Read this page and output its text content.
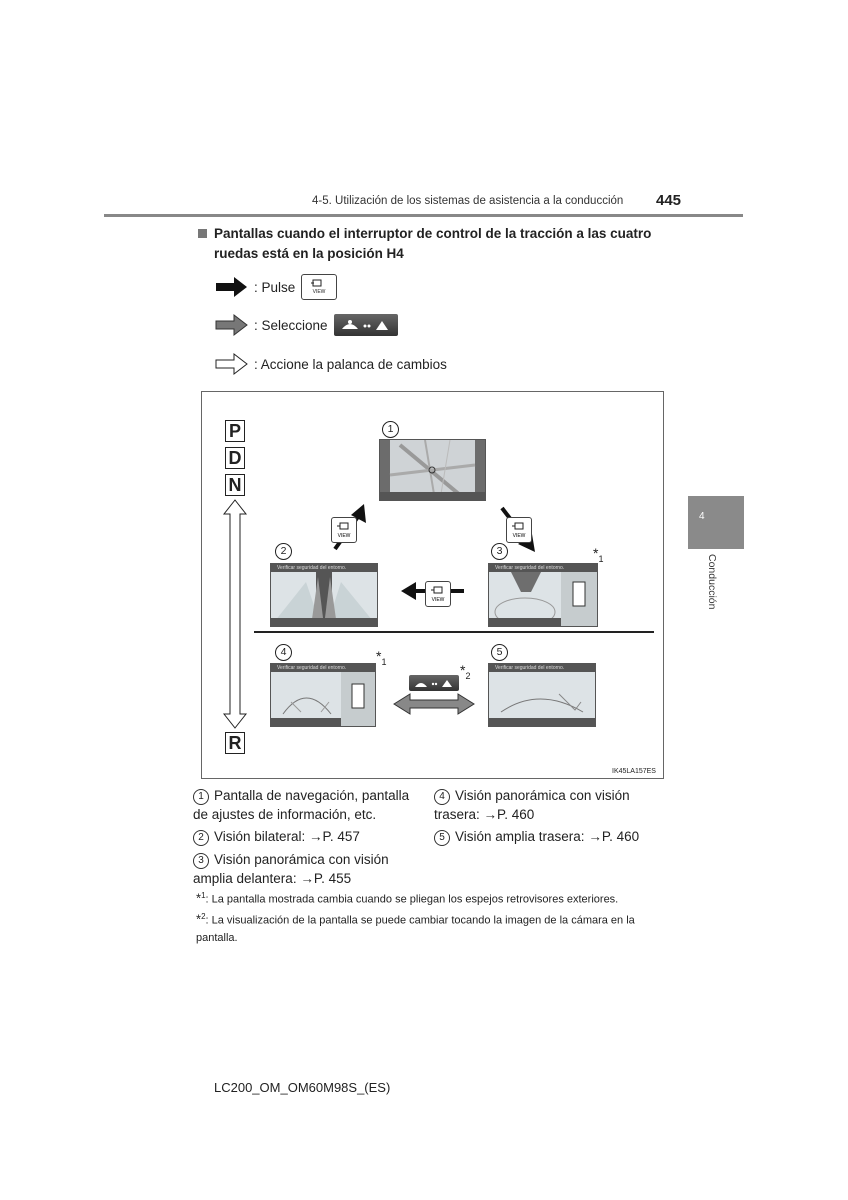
4-5. Utilización de los sistemas de asistencia a la conducción 445
4
Conducción
Pantallas cuando el interruptor de control de la tracción a las cuatro ruedas está en la posición H4
: Pulse	VIEW
: Seleccione
: Accione la palanca de cambios
P
D
N
R
VIEW	VIEW
VIEW
1
2	3
4	5
$*_1$
$*_1$
$*_2$
Verificar seguridad del entorno.	Verificar seguridad del entorno.
Verificar seguridad del entorno.	Verificar seguridad del entorno.
IK45LA157ES
1 Pantalla de navegación, pantalla de ajustes de información, etc.
2 Visión bilateral: →P. 457
3 Visión panorámica con visión amplia delantera: →P. 455
4 Visión panorámica con visión trasera: →P. 460
5 Visión amplia trasera: →P. 460
*$^1$: La pantalla mostrada cambia cuando se pliegan los espejos retrovisores exteriores.
*$^2$: La visualización de la pantalla se puede cambiar tocando la imagen de la cámara en la pantalla.
LC200_OM_OM60M98S_(ES)
